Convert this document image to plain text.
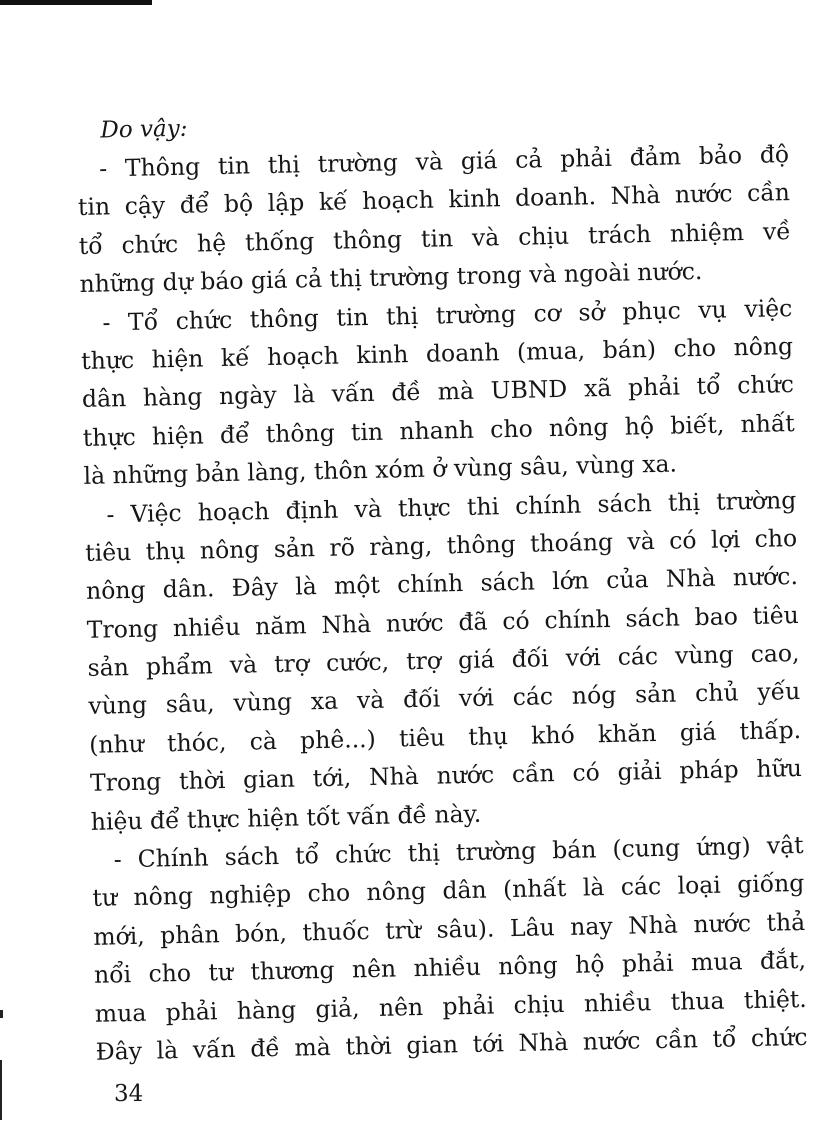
Do vậy:

- Thông tin thị trường và giá cả phải đảm bảo độ
tin cậy để bộ lập kế hoạch kinh doanh. Nhà nước cần
tổ chức hệ thống thông tin và chịu trách nhiệm về
những dự báo giá cả thị trường trong và ngoài nước.

- Tổ chức thông tin thị trường cơ sở phục vụ việc
thực hiện kế hoạch kinh doanh (mua, bán) cho nông
dân hàng ngày là vấn đề mà UBND xã phải tổ chức
thực hiện để thông tin nhanh cho nông hộ biết, nhất
là những bản làng, thôn xóm ở vùng sâu, vùng xa.

- Việc hoạch định và thực thi chính sách thị trường
tiêu thụ nông sản rõ ràng, thông thoáng và có lợi cho
nông dân. Đây là một chính sách lớn của Nhà nước.
Trong nhiều năm Nhà nước đã có chính sách bao tiêu
sản phẩm và trợ cước, trợ giá đối với các vùng cao,
vùng sâu, vùng xa và đối với các nóg sản chủ yếu
(như thóc, cà phê...) tiêu thụ khó khăn giá thấp.
Trong thời gian tới, Nhà nước cần có giải pháp hữu
hiệu để thực hiện tốt vấn đề này.

- Chính sách tổ chức thị trường bán (cung ứng) vật
tư nông nghiệp cho nông dân (nhất là các loại giống
mới, phân bón, thuốc trừ sâu). Lâu nay Nhà nước thả
nổi cho tư thương nên nhiều nông hộ phải mua đắt,
mua phải hàng giả, nên phải chịu nhiều thua thiệt.
Đây là vấn đề mà thời gian tới Nhà nước cần tổ chức

34
